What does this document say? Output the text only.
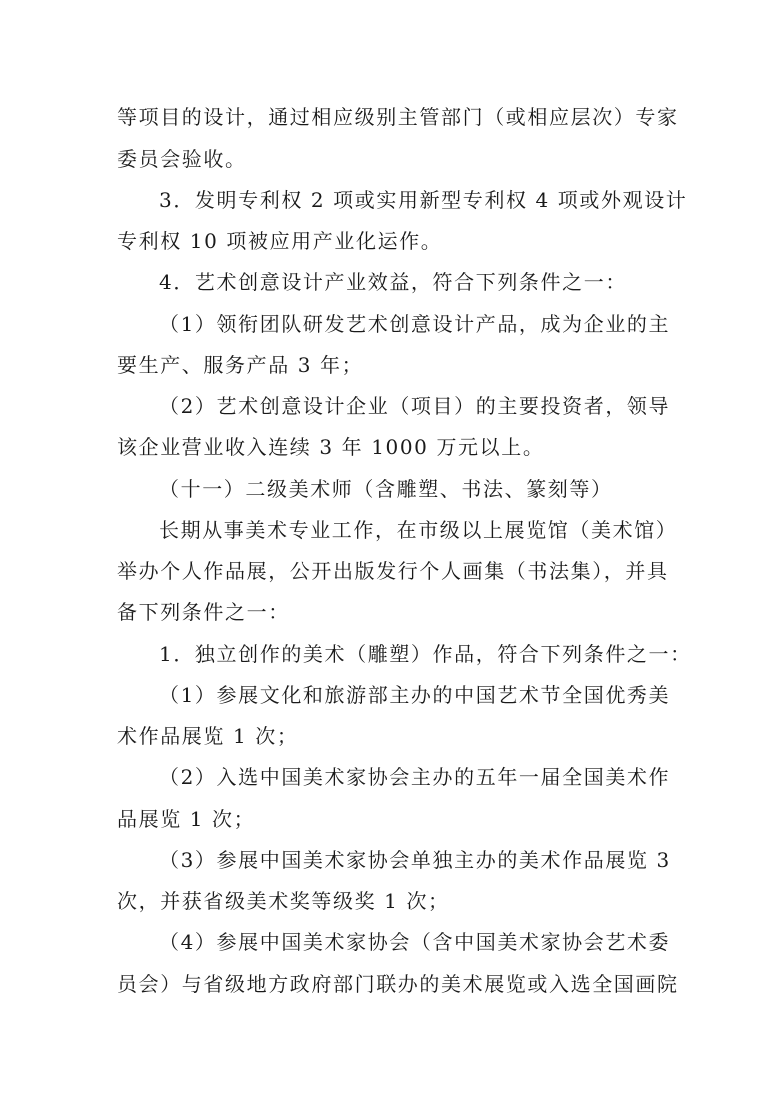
等项目的设计，通过相应级别主管部门（或相应层次）专家
委员会验收。
3．发明专利权 2 项或实用新型专利权 4 项或外观设计
专利权 10 项被应用产业化运作。
4．艺术创意设计产业效益，符合下列条件之一：
（1）领衔团队研发艺术创意设计产品，成为企业的主
要生产、服务产品 3 年；
（2）艺术创意设计企业（项目）的主要投资者，领导
该企业营业收入连续 3 年 1000 万元以上。
（十一）二级美术师（含雕塑、书法、篆刻等）
长期从事美术专业工作，在市级以上展览馆（美术馆）
举办个人作品展，公开出版发行个人画集（书法集），并具
备下列条件之一：
1．独立创作的美术（雕塑）作品，符合下列条件之一：
（1）参展文化和旅游部主办的中国艺术节全国优秀美
术作品展览 1 次；
（2）入选中国美术家协会主办的五年一届全国美术作
品展览 1 次；
（3）参展中国美术家协会单独主办的美术作品展览 3
次，并获省级美术奖等级奖 1 次；
（4）参展中国美术家协会（含中国美术家协会艺术委
员会）与省级地方政府部门联办的美术展览或入选全国画院
